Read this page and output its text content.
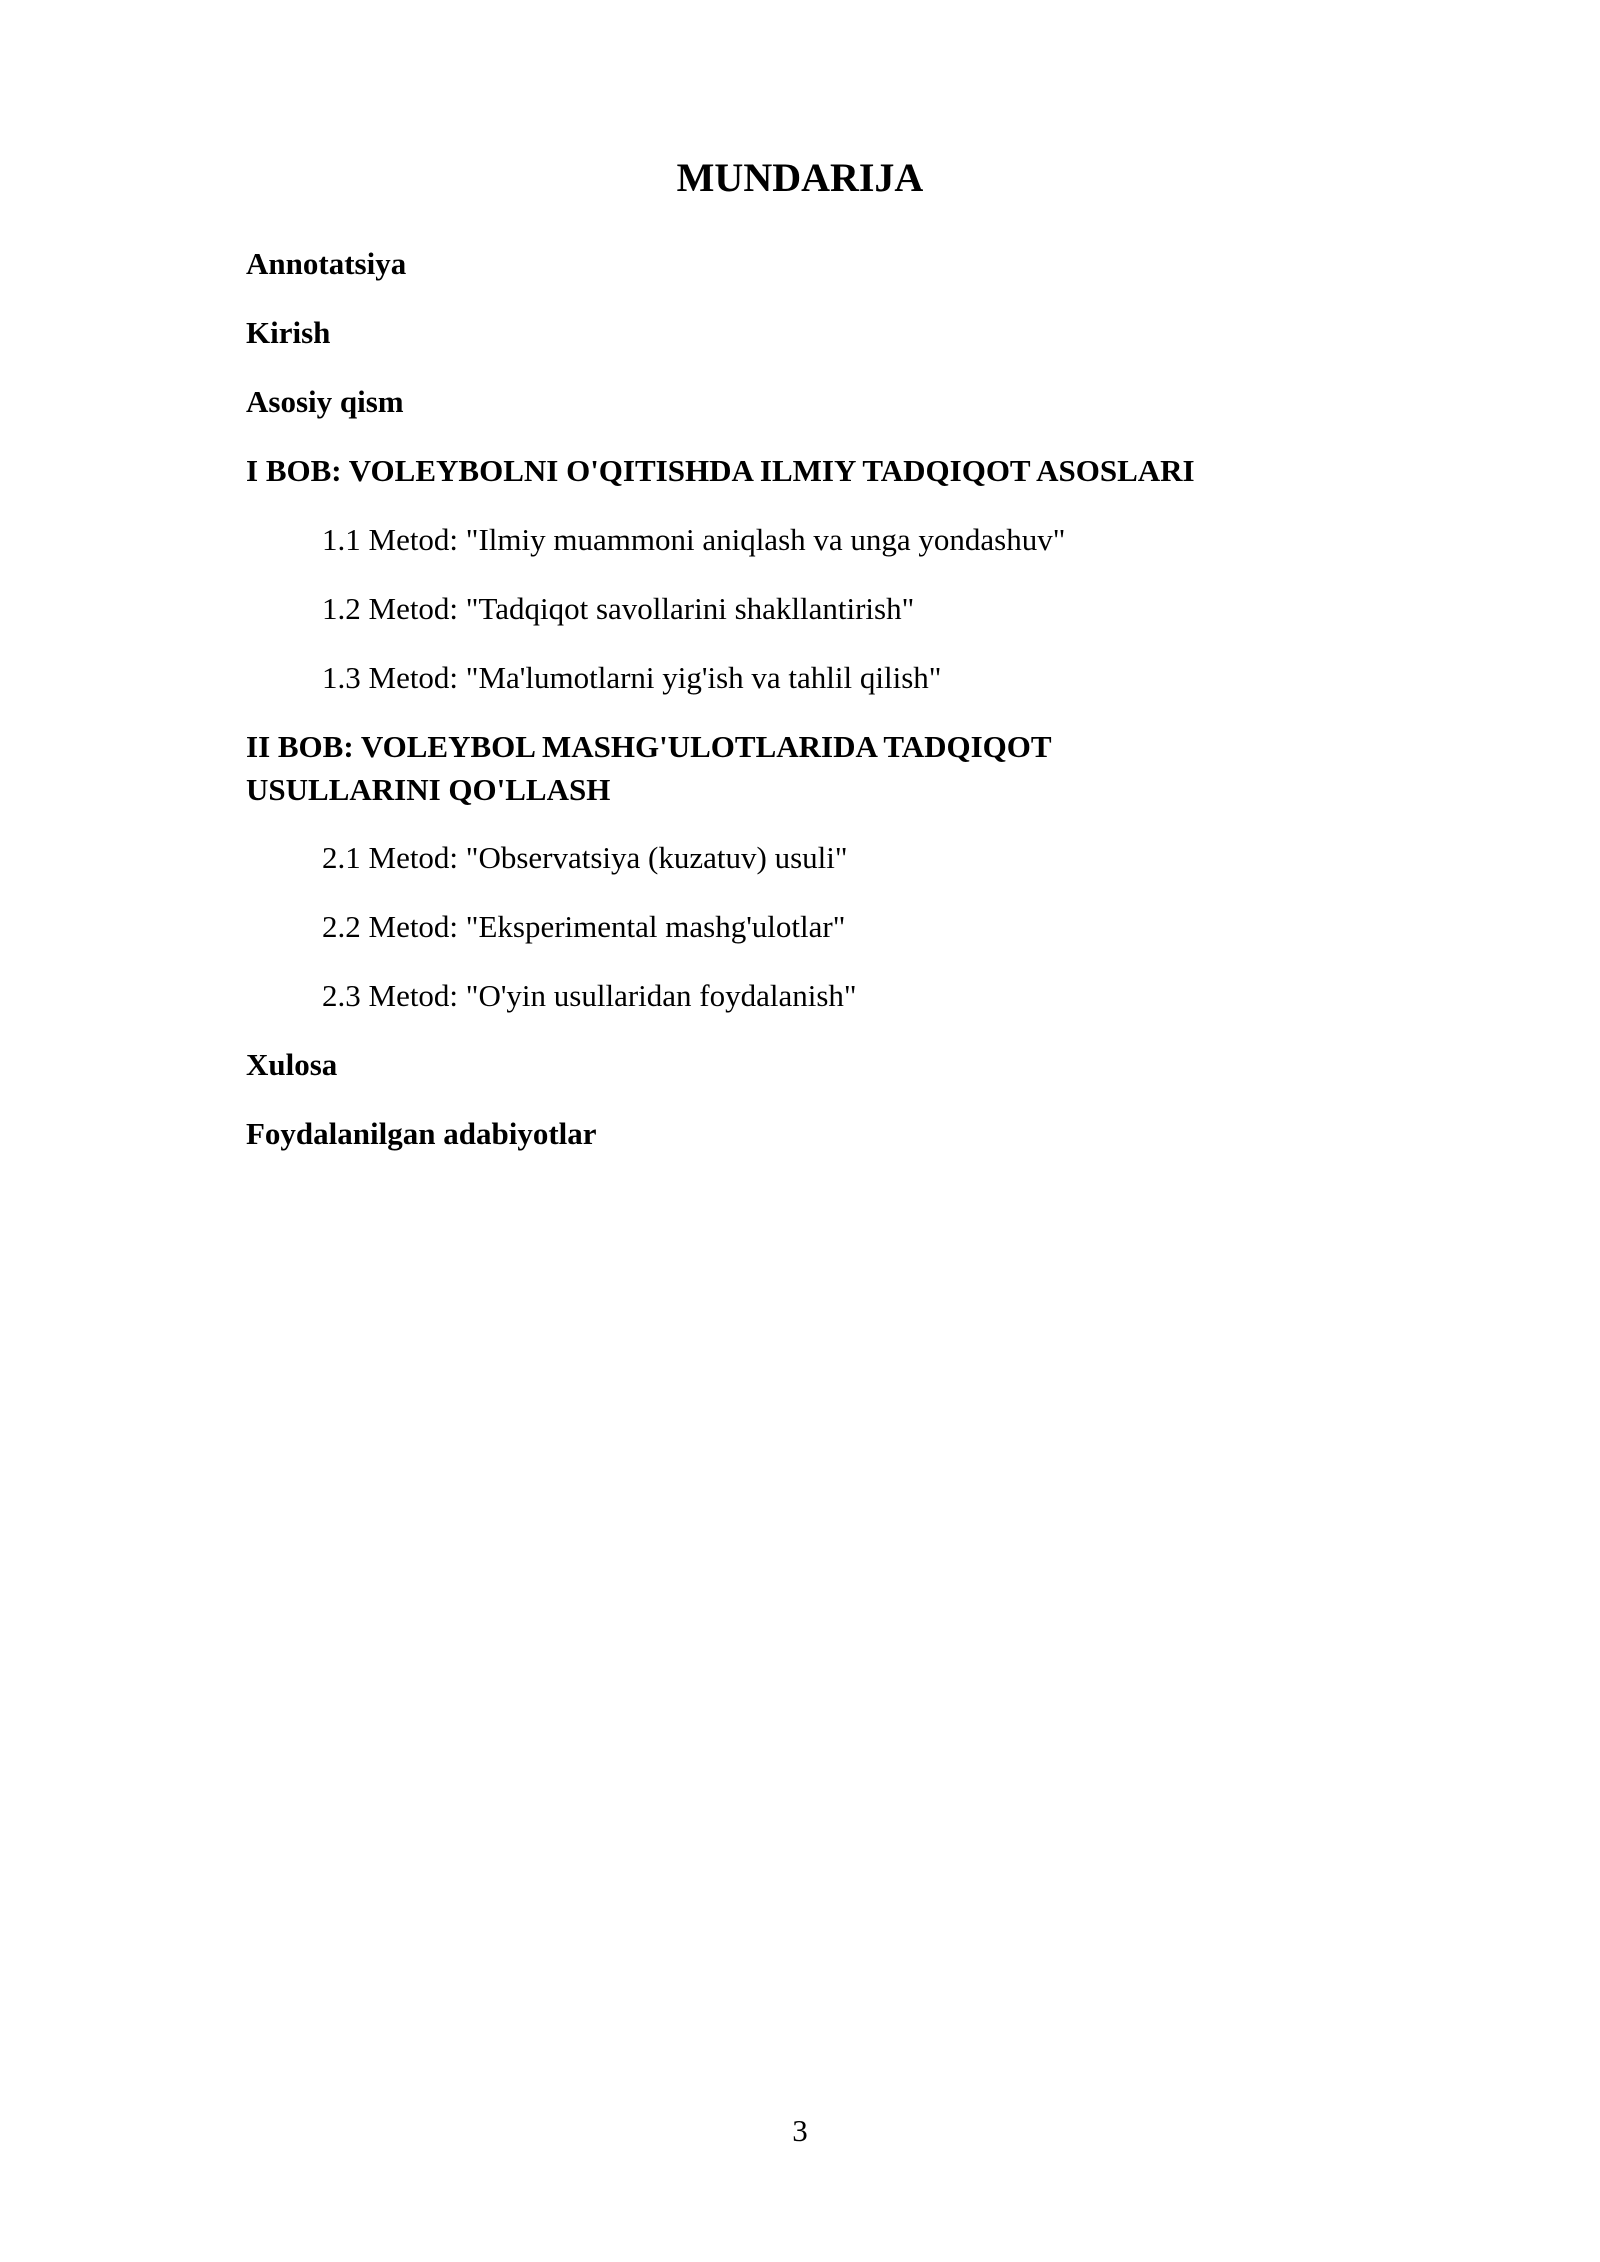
MUNDARIJA
Annotatsiya
Kirish
Asosiy qism
I BOB: VOLEYBOLNI O'QITISHDA ILMIY TADQIQOT ASOSLARI
1.1 Metod: "Ilmiy muammoni aniqlash va unga yondashuv"
1.2 Metod: "Tadqiqot savollarini shakllantirish"
1.3 Metod: "Ma'lumotlarni yig'ish va tahlil qilish"
II BOB: VOLEYBOL MASHG'ULOTLARIDA TADQIQOT USULLARINI QO'LLASH
2.1 Metod: "Observatsiya (kuzatuv) usuli"
2.2 Metod: "Eksperimental mashg'ulotlar"
2.3 Metod: "O'yin usullaridan foydalanish"
Xulosa
Foydalanilgan adabiyotlar
3
